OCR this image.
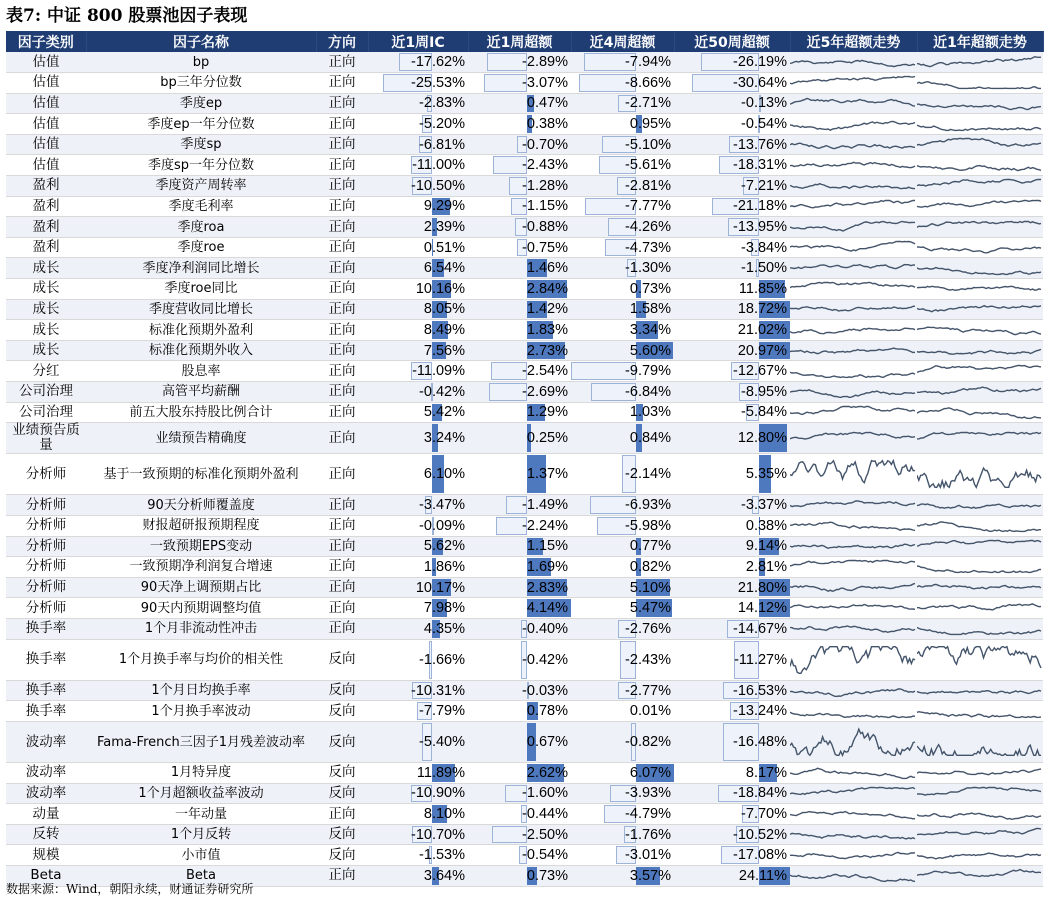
表7: 中证 800 股票池因子表现
因子类别	因子名称	方向	近1周IC	近1周超额	近4周超额	近50周超额	近5年超额走势	近1年超额走势
估值	bp	正向	-17.62%	-2.89%	-7.94%	-26.19%	

估值	bp三年分位数	正向	-25.53%	-3.07%	-8.66%	-30.64%	

估值	季度ep	正向	-2.83%	0.47%	-2.71%	-0.13%	

估值	季度ep一年分位数	正向	-5.20%	0.38%	0.95%	-0.54%	

估值	季度sp	正向	-6.81%	-0.70%	-5.10%	-13.76%	

估值	季度sp一年分位数	正向	-11.00%	-2.43%	-5.61%	-18.31%	

盈利	季度资产周转率	正向	-10.50%	-1.28%	-2.81%	-7.21%	

盈利	季度毛利率	正向	9.29%	-1.15%	-7.77%	-21.18%	

盈利	季度roa	正向	2.39%	-0.88%	-4.26%	-13.95%	

盈利	季度roe	正向	0.51%	-0.75%	-4.73%	-3.84%	

成长	季度净利润同比增长	正向	6.54%	1.46%	-1.30%	-1.50%	

成长	季度roe同比	正向	10.16%	2.84%	0.73%	11.85%	

成长	季度营收同比增长	正向	8.05%	1.42%	1.58%	18.72%	

成长	标准化预期外盈利	正向	8.49%	1.83%	3.34%	21.02%	

成长	标准化预期外收入	正向	7.56%	2.73%	5.60%	20.97%	

分红	股息率	正向	-11.09%	-2.54%	-9.79%	-12.67%	

公司治理	高管平均薪酬	正向	-0.42%	-2.69%	-6.84%	-8.95%	

公司治理	前五大股东持股比例合计	正向	5.42%	1.29%	1.03%	-5.84%	

业绩预告质量	业绩预告精确度	正向	3.24%	0.25%	0.84%	12.80%	

分析师	基于一致预期的标准化预期外盈利	正向	6.10%	1.37%	-2.14%	5.35%	

分析师	90天分析师覆盖度	正向	-3.47%	-1.49%	-6.93%	-3.37%	

分析师	财报超研报预期程度	正向	-0.09%	-2.24%	-5.98%	0.38%	

分析师	一致预期EPS变动	正向	5.62%	1.15%	0.77%	9.14%	

分析师	一致预期净利润复合增速	正向	1.86%	1.69%	0.82%	2.81%	

分析师	90天净上调预期占比	正向	10.17%	2.83%	5.10%	21.80%	

分析师	90天内预期调整均值	正向	7.98%	4.14%	5.47%	14.12%	

换手率	1个月非流动性冲击	正向	4.35%	-0.40%	-2.76%	-14.67%	

换手率	1个月换手率与均价的相关性	反向	-1.66%	-0.42%	-2.43%	-11.27%	

换手率	1个月日均换手率	反向	-10.31%	-0.03%	-2.77%	-16.53%	

换手率	1个月换手率波动	反向	-7.79%	0.78%	0.01%	-13.24%	

波动率	Fama-French三因子1月残差波动率	反向	-5.40%	0.67%	-0.82%	-16.48%	

波动率	1月特异度	反向	11.89%	2.62%	6.07%	8.17%	

波动率	1个月超额收益率波动	反向	-10.90%	-1.60%	-3.93%	-18.84%	

动量	一年动量	正向	8.10%	-0.44%	-4.79%	-7.70%	

反转	1个月反转	反向	-10.70%	-2.50%	-1.76%	-10.52%	

规模	小市值	反向	-1.53%	-0.54%	-3.01%	-17.08%	

Beta	Beta	正向	3.64%	0.73%	3.57%	24.11%	

数据来源：Wind，朝阳永续，财通证券研究所
